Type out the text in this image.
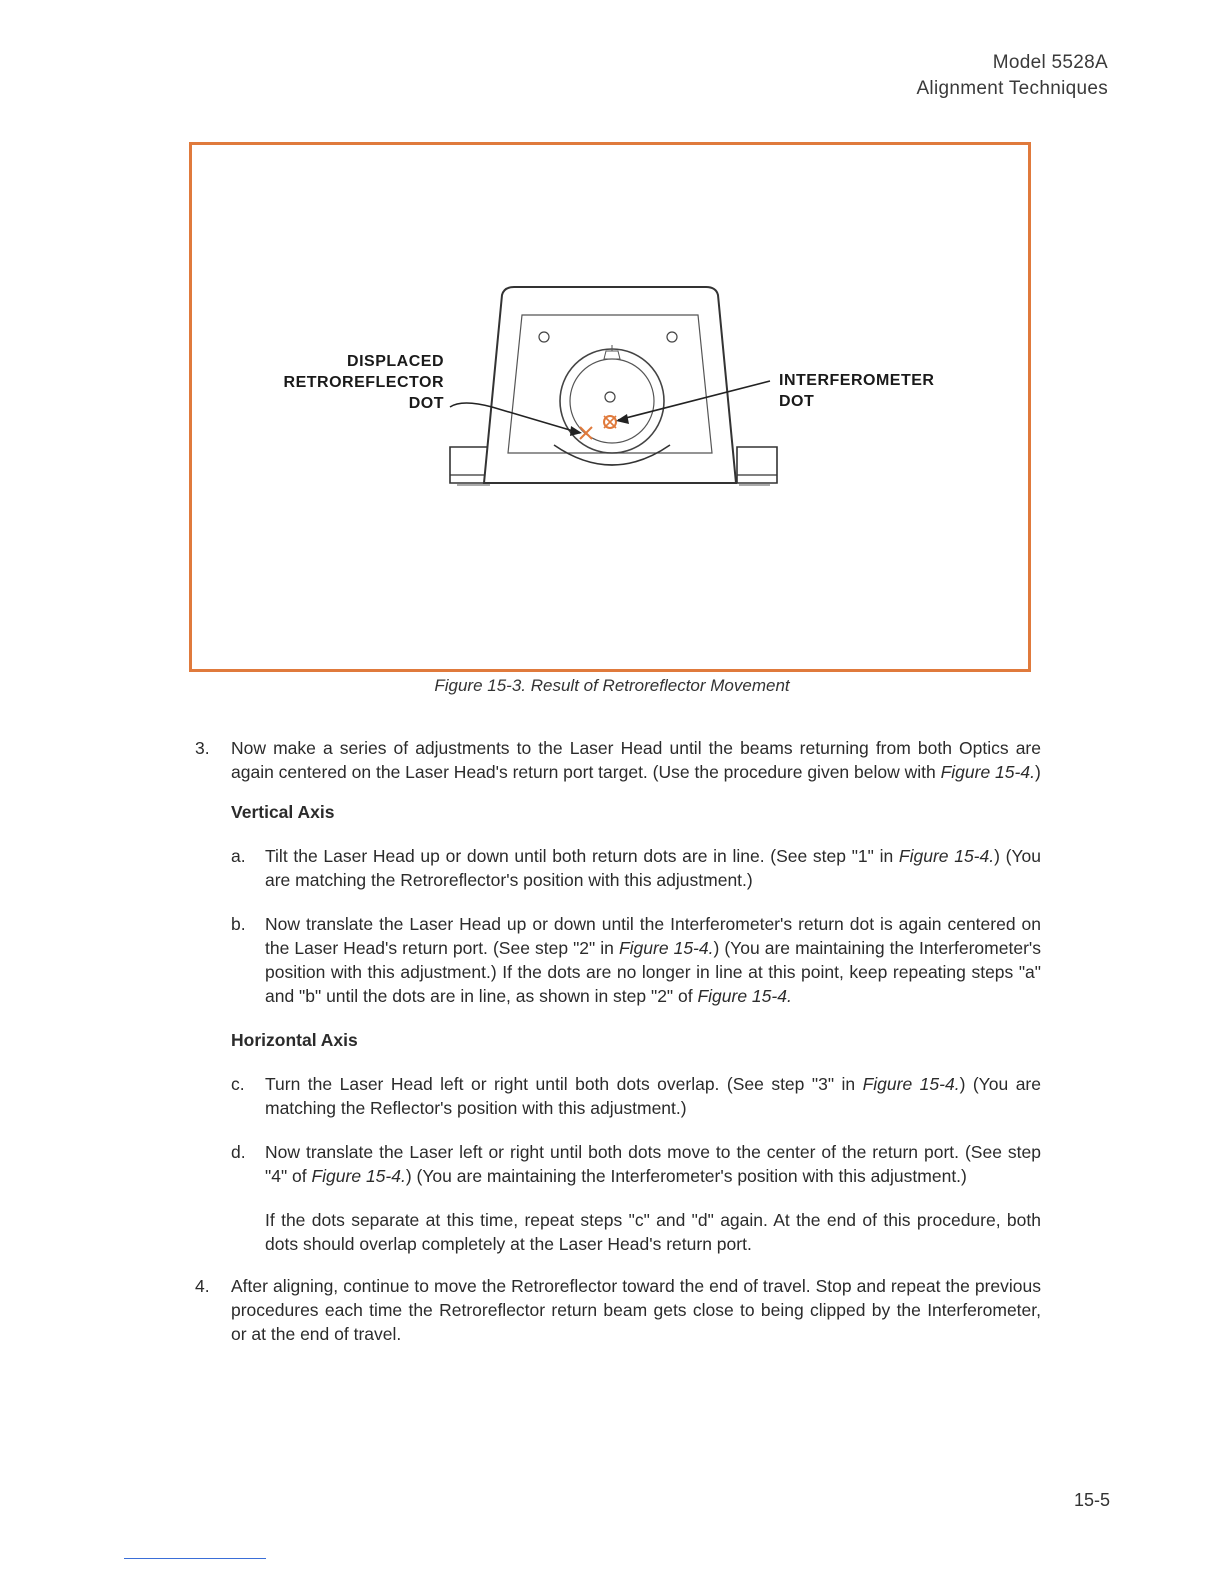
Model 5528A
Alignment Techniques
DISPLACED
RETROREFLECTOR
DOT
INTERFEROMETER
DOT
Figure 15-3. Result of Retroreflector Movement
3.	Now make a series of adjustments to the Laser Head until the beams returning from both Optics are again centered on the Laser Head's return port target. (Use the procedure given below with Figure 15-4.)
Vertical Axis
a.	Tilt the Laser Head up or down until both return dots are in line. (See step "1" in Figure 15-4.) (You are matching the Retroreflector's position with this adjustment.)
b.	Now translate the Laser Head up or down until the Interferometer's return dot is again centered on the Laser Head's return port. (See step "2" in Figure 15-4.) (You are maintaining the Interferometer's position with this adjustment.) If the dots are no longer in line at this point, keep repeating steps "a" and "b" until the dots are in line, as shown in step "2" of Figure 15-4.
Horizontal Axis
c.	Turn the Laser Head left or right until both dots overlap. (See step "3" in Figure 15-4.) (You are matching the Reflector's position with this adjustment.)
d.	Now translate the Laser left or right until both dots move to the center of the return port. (See step "4" of Figure 15-4.) (You are maintaining the Interferometer's position with this adjustment.)
If the dots separate at this time, repeat steps "c" and "d" again. At the end of this procedure, both dots should overlap completely at the Laser Head's return port.
4.	After aligning, continue to move the Retroreflector toward the end of travel. Stop and repeat the previous procedures each time the Retroreflector return beam gets close to being clipped by the Interferometer, or at the end of travel.
15-5
